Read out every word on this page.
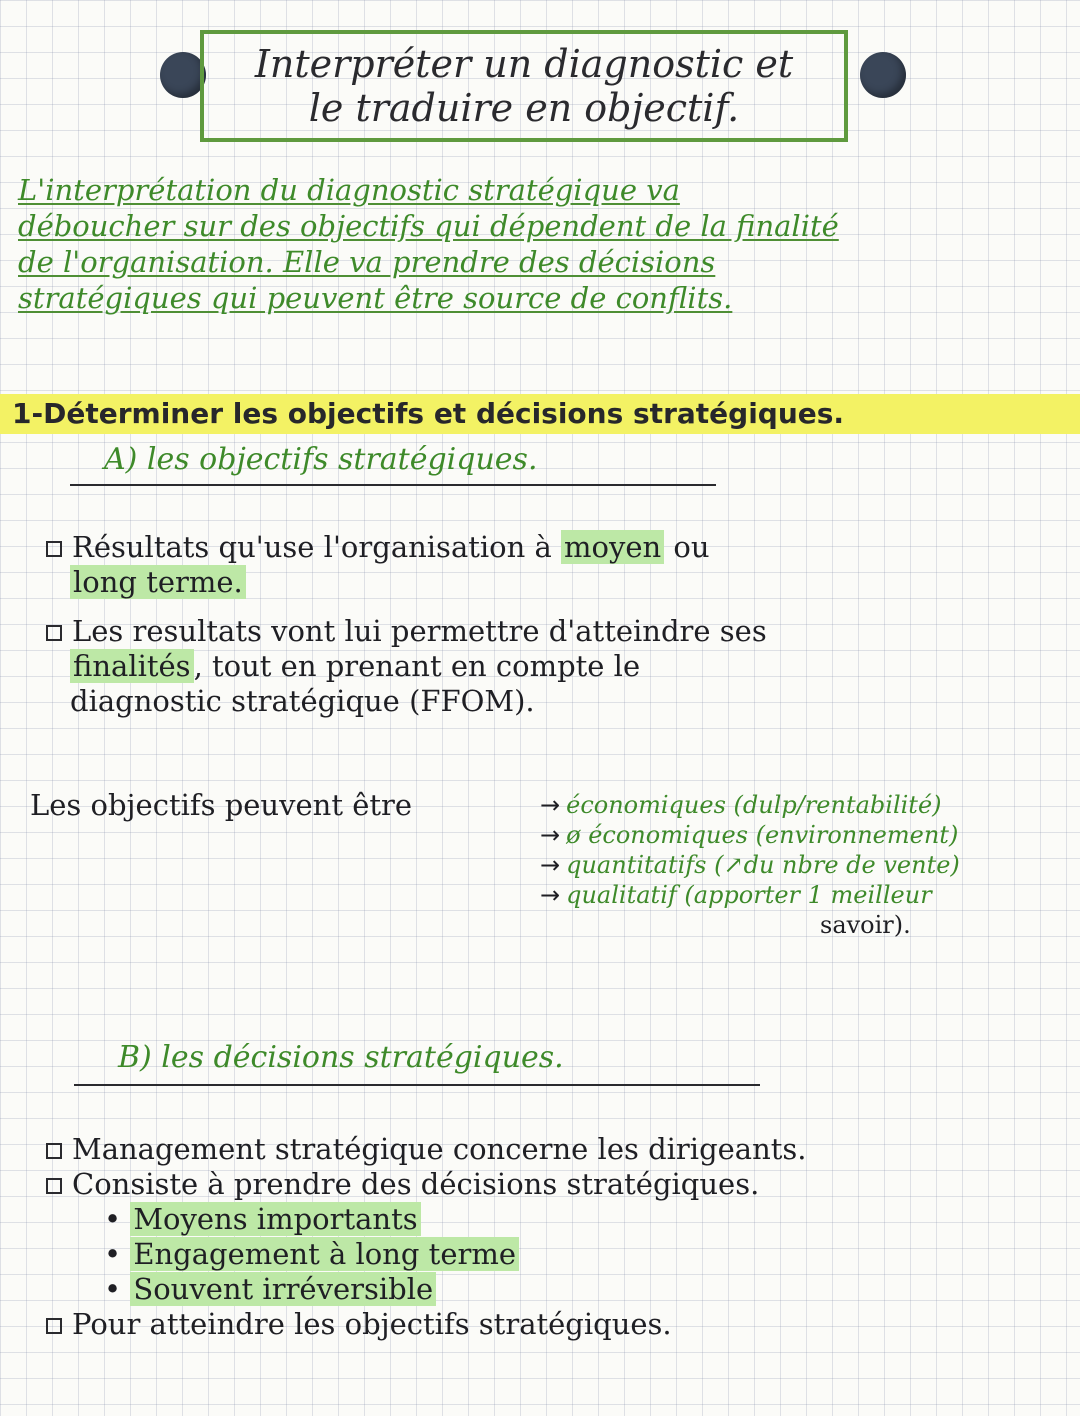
Interpréter un diagnostic et
le traduire en objectif.
L'interprétation du diagnostic stratégique va
déboucher sur des objectifs qui dépendent de la finalité
de l'organisation. Elle va prendre des décisions
stratégiques qui peuvent être source de conflits.
1-Déterminer les objectifs et décisions stratégiques.
A) les objectifs stratégiques.
Résultats qu'use l'organisation à moyen ou
long terme.
Les resultats vont lui permettre d'atteindre ses
finalités , tout en prenant en compte le
diagnostic stratégique (FFOM).
Les objectifs peuvent être	→ économiques (dulp/rentabilité)
→ ø économiques (environnement)
→ quantitatifs (↗du nbre de vente)
→ qualitatif (apporter 1 meilleur
savoir).
B) les décisions stratégiques.
Management stratégique concerne les dirigeants.
Consiste à prendre des décisions stratégiques.
• Moyens importants
• Engagement à long terme
• Souvent irréversible
Pour atteindre les objectifs stratégiques.
